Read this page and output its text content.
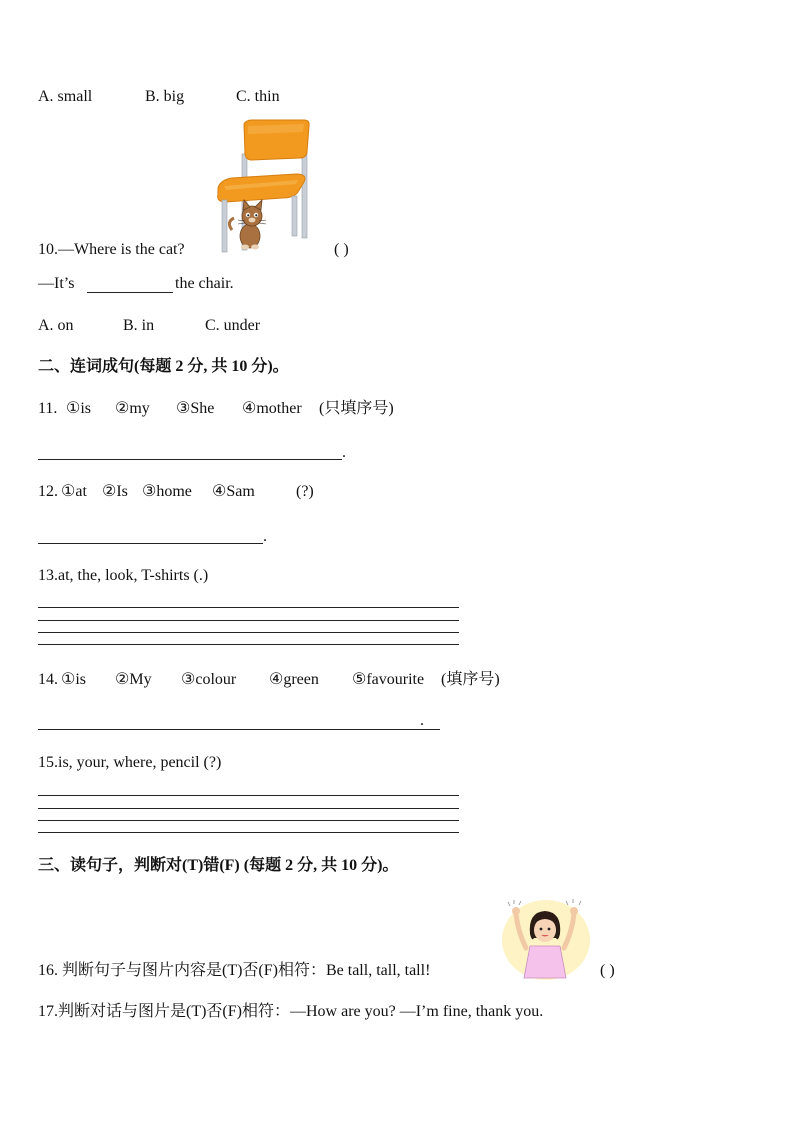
A. small	B. big	C. thin
10.—Where is the cat?	( )
—It’s	the chair.
A. on	B. in	C. under
二、连词成句(每题 2 分, 共 10 分)。
11. ①is ②my ③She ④mother (只填序号)
.
12. ①at ②Is ③home ④Sam	(?)
.
13.at, the, look, T-shirts (.)
14. ①is ②My ③colour ④green ⑤favourite (填序号)
.
15.is, your, where, pencil (?)
三、读句子，判断对(T)错(F) (每题 2 分, 共 10 分)。
16. 判断句子与图片内容是(T)否(F)相符：Be tall, tall, tall!	( )
17.判断对话与图片是(T)否(F)相符：—How are you? —I’m fine, thank you.
